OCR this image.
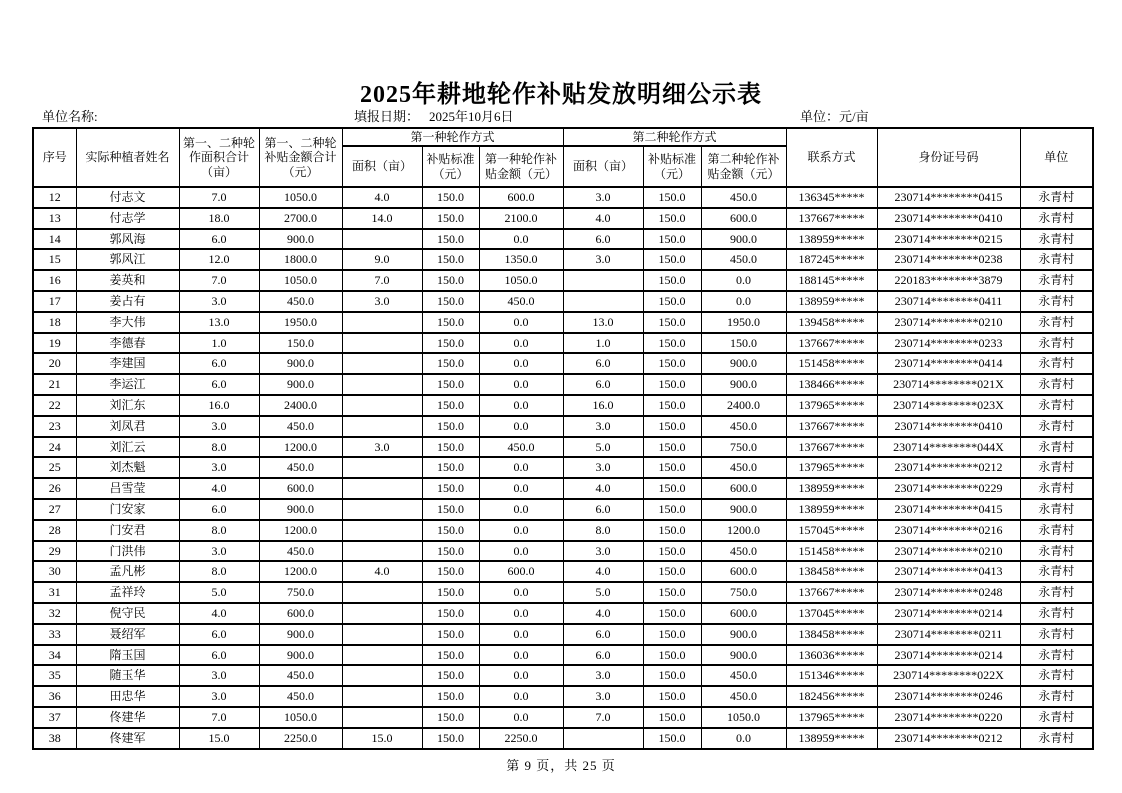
2025年耕地轮作补贴发放明细公示表
单位名称:	填报日期： 2025年10月6日	单位：元/亩
序号	实际种植者姓名	第一、二种轮作面积合计（亩）	第一、二种轮补贴金额合计（元）	第一种轮作方式			第二种轮作方式			联系方式	身份证号码	单位
				面积（亩）	补贴标准（元）	第一种轮作补贴金额（元）	面积（亩）	补贴标准（元）	第二种轮作补贴金额（元）			
12	付志文	7.0	1050.0	4.0	150.0	600.0	3.0	150.0	450.0	136345*****	230714********0415	永青村
13	付志学	18.0	2700.0	14.0	150.0	2100.0	4.0	150.0	600.0	137667*****	230714********0410	永青村
14	郭风海	6.0	900.0		150.0	0.0	6.0	150.0	900.0	138959*****	230714********0215	永青村
15	郭风江	12.0	1800.0	9.0	150.0	1350.0	3.0	150.0	450.0	187245*****	230714********0238	永青村
16	姜英和	7.0	1050.0	7.0	150.0	1050.0		150.0	0.0	188145*****	220183********3879	永青村
17	姜占有	3.0	450.0	3.0	150.0	450.0		150.0	0.0	138959*****	230714********0411	永青村
18	李大伟	13.0	1950.0		150.0	0.0	13.0	150.0	1950.0	139458*****	230714********0210	永青村
19	李德春	1.0	150.0		150.0	0.0	1.0	150.0	150.0	137667*****	230714********0233	永青村
20	李建国	6.0	900.0		150.0	0.0	6.0	150.0	900.0	151458*****	230714********0414	永青村
21	李运江	6.0	900.0		150.0	0.0	6.0	150.0	900.0	138466*****	230714********021X	永青村
22	刘汇东	16.0	2400.0		150.0	0.0	16.0	150.0	2400.0	137965*****	230714********023X	永青村
23	刘凤君	3.0	450.0		150.0	0.0	3.0	150.0	450.0	137667*****	230714********0410	永青村
24	刘汇云	8.0	1200.0	3.0	150.0	450.0	5.0	150.0	750.0	137667*****	230714********044X	永青村
25	刘杰魁	3.0	450.0		150.0	0.0	3.0	150.0	450.0	137965*****	230714********0212	永青村
26	吕雪莹	4.0	600.0		150.0	0.0	4.0	150.0	600.0	138959*****	230714********0229	永青村
27	门安家	6.0	900.0		150.0	0.0	6.0	150.0	900.0	138959*****	230714********0415	永青村
28	门安君	8.0	1200.0		150.0	0.0	8.0	150.0	1200.0	157045*****	230714********0216	永青村
29	门洪伟	3.0	450.0		150.0	0.0	3.0	150.0	450.0	151458*****	230714********0210	永青村
30	孟凡彬	8.0	1200.0	4.0	150.0	600.0	4.0	150.0	600.0	138458*****	230714********0413	永青村
31	孟祥玲	5.0	750.0		150.0	0.0	5.0	150.0	750.0	137667*****	230714********0248	永青村
32	倪守民	4.0	600.0		150.0	0.0	4.0	150.0	600.0	137045*****	230714********0214	永青村
33	聂绍军	6.0	900.0		150.0	0.0	6.0	150.0	900.0	138458*****	230714********0211	永青村
34	隋玉国	6.0	900.0		150.0	0.0	6.0	150.0	900.0	136036*****	230714********0214	永青村
35	随玉华	3.0	450.0		150.0	0.0	3.0	150.0	450.0	151346*****	230714********022X	永青村
36	田忠华	3.0	450.0		150.0	0.0	3.0	150.0	450.0	182456*****	230714********0246	永青村
37	佟建华	7.0	1050.0		150.0	0.0	7.0	150.0	1050.0	137965*****	230714********0220	永青村
38	佟建军	15.0	2250.0	15.0	150.0	2250.0		150.0	0.0	138959*****	230714********0212	永青村
第 9 页，共 25 页
